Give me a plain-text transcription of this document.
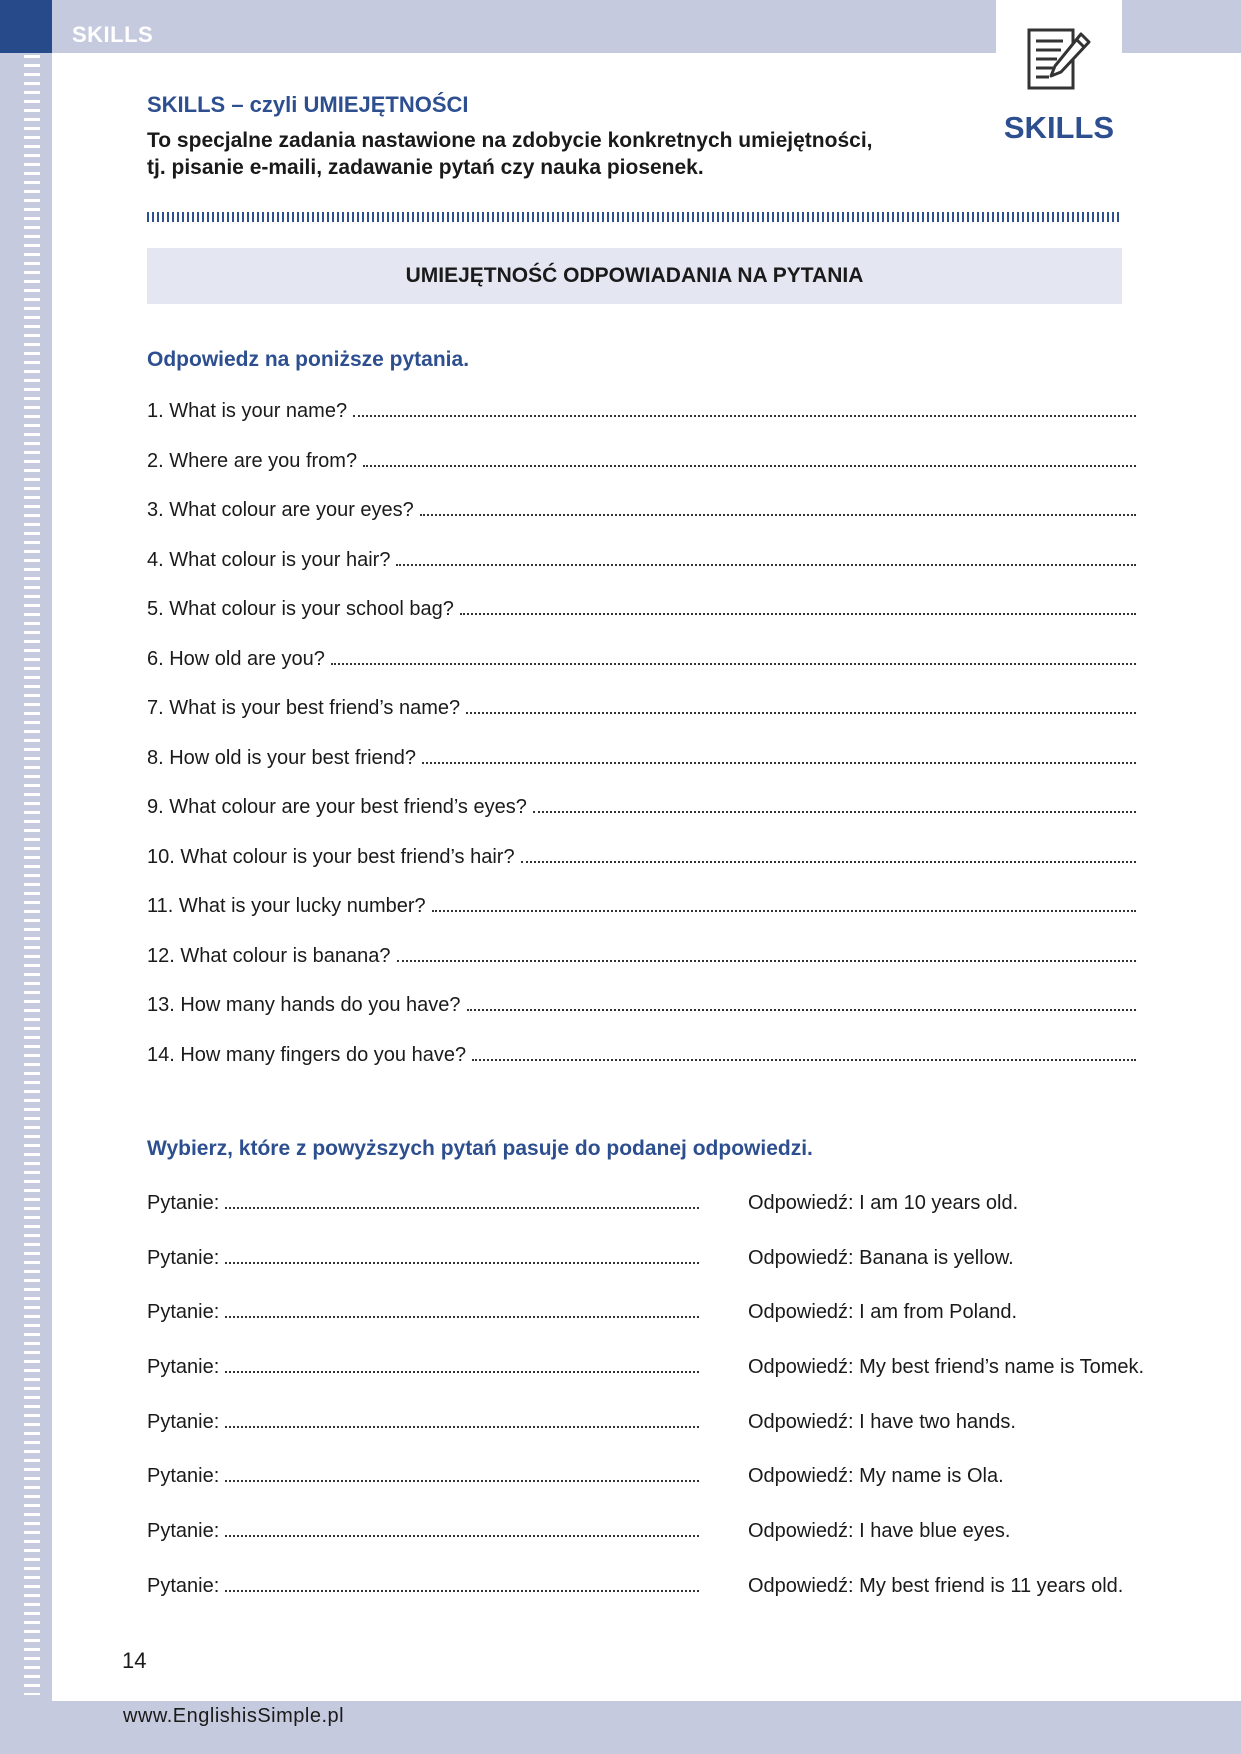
SKILLS
SKILLS
SKILLS – czyli UMIEJĘTNOŚCI
To specjalne zadania nastawione na zdobycie konkretnych umiejętności,
tj. pisanie e-maili, zadawanie pytań czy nauka piosenek.
UMIEJĘTNOŚĆ ODPOWIADANIA NA PYTANIA
Odpowiedz na poniższe pytania.
1. What is your name?
2. Where are you from?
3. What colour are your eyes?
4. What colour is your hair?
5. What colour is your school bag?
6. How old are you?
7. What is your best friend’s name?
8. How old is your best friend?
9. What colour are your best friend’s eyes?
10. What colour is your best friend’s hair?
11. What is your lucky number?
12. What colour is banana?
13. How many hands do you have?
14. How many fingers do you have?
Wybierz, które z powyższych pytań pasuje do podanej odpowiedzi.
Pytanie:	Odpowiedź: I am 10 years old.
Pytanie:	Odpowiedź: Banana is yellow.
Pytanie:	Odpowiedź: I am from Poland.
Pytanie:	Odpowiedź: My best friend’s name is Tomek.
Pytanie:	Odpowiedź: I have two hands.
Pytanie:	Odpowiedź: My name is Ola.
Pytanie:	Odpowiedź: I have blue eyes.
Pytanie:	Odpowiedź: My best friend is 11 years old.
14
www.EnglishisSimple.pl
